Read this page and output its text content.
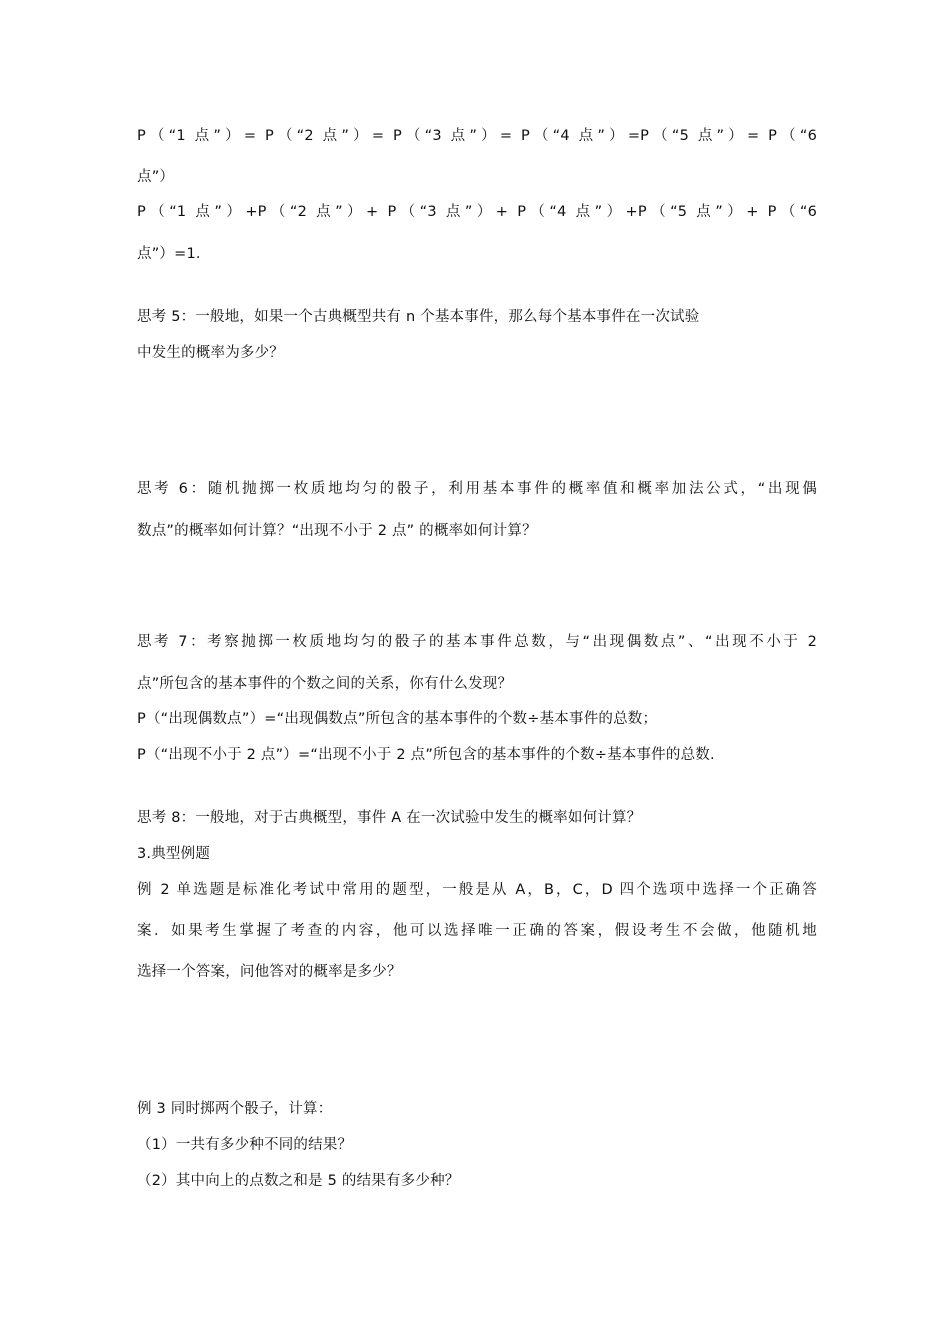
P（“1 点”）= P（“2 点”）= P（“3 点”）= P（“4 点”）=P（“5 点”）= P（“6
点”）
P（“1 点”）+P（“2 点”）+ P（“3 点”）+ P（“4 点”）+P（“5 点”）+ P（“6
点”）=1.
思考 5：一般地，如果一个古典概型共有 n 个基本事件，那么每个基本事件在一次试验
中发生的概率为多少？
思考 6：随机抛掷一枚质地均匀的骰子，利用基本事件的概率值和概率加法公式，“出现偶
数点”的概率如何计算？“出现不小于 2 点” 的概率如何计算？
思考 7：考察抛掷一枚质地均匀的骰子的基本事件总数，与“出现偶数点”、“出现不小于 2
点”所包含的基本事件的个数之间的关系，你有什么发现？
P（“出现偶数点”）=“出现偶数点”所包含的基本事件的个数÷基本事件的总数；
P（“出现不小于 2 点”）=“出现不小于 2 点”所包含的基本事件的个数÷基本事件的总数.
思考 8：一般地，对于古典概型，事件 A 在一次试验中发生的概率如何计算？
3.典型例题
例 2 单选题是标准化考试中常用的题型，一般是从 A，B，C，D 四个选项中选择一个正确答
案．如果考生掌握了考查的内容，他可以选择唯一正确的答案，假设考生不会做，他随机地
选择一个答案，问他答对的概率是多少？
例 3 同时掷两个骰子，计算：
（1）一共有多少种不同的结果？
（2）其中向上的点数之和是 5 的结果有多少种？
